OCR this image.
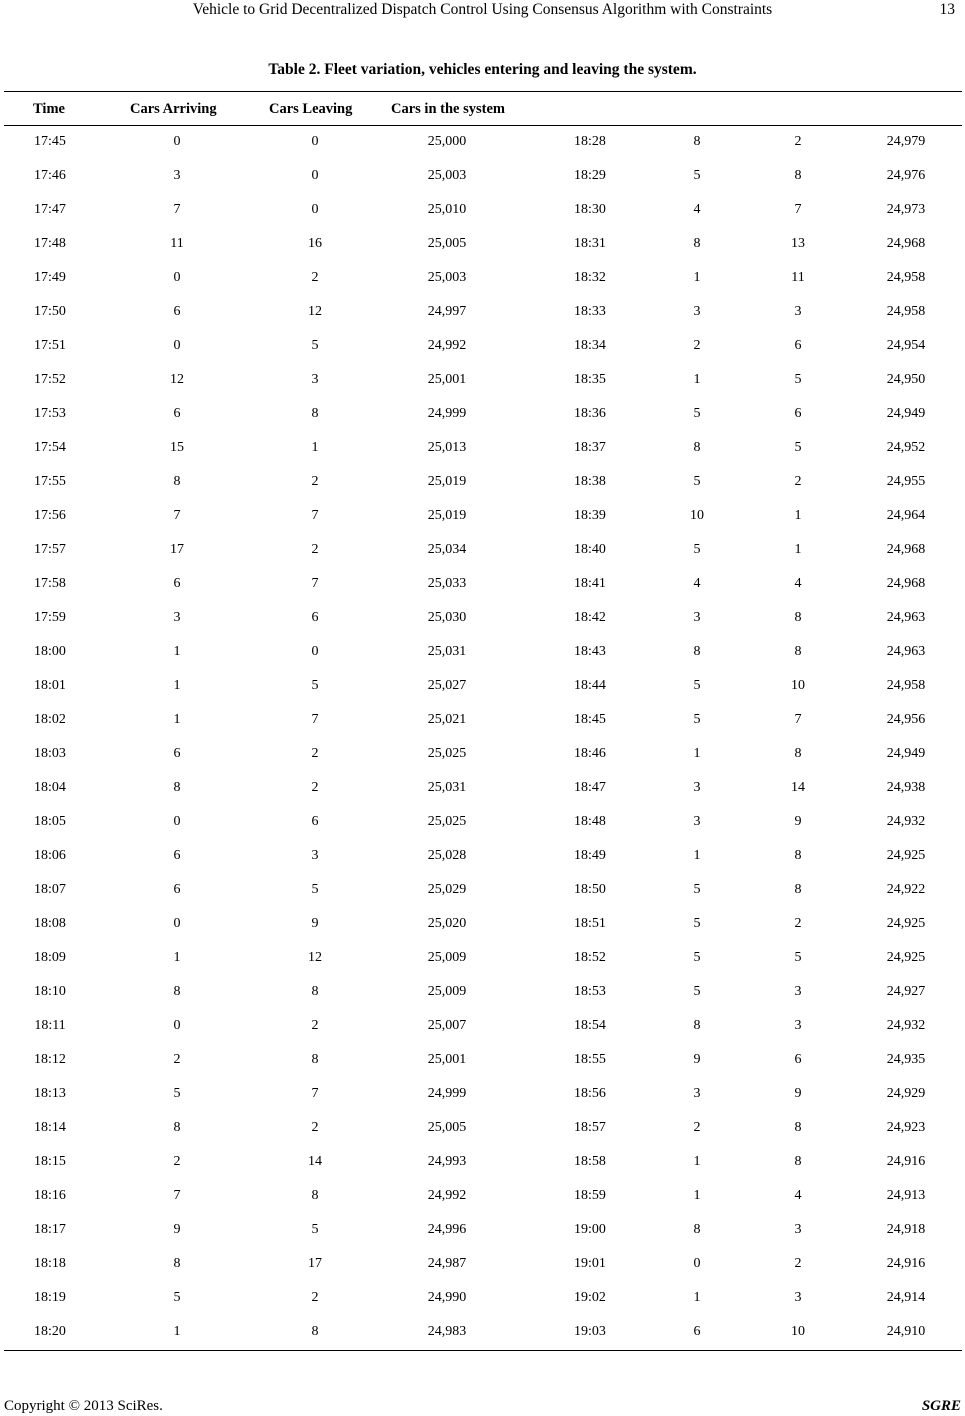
Vehicle to Grid Decentralized Dispatch Control Using Consensus Algorithm with Constraints	13
Table 2. Fleet variation, vehicles entering and leaving the system.
Time	Cars Arriving	Cars Leaving	Cars in the system
17:45	0	0	25,000	18:28	8	2	24,979
17:46	3	0	25,003	18:29	5	8	24,976
17:47	7	0	25,010	18:30	4	7	24,973
17:48	11	16	25,005	18:31	8	13	24,968
17:49	0	2	25,003	18:32	1	11	24,958
17:50	6	12	24,997	18:33	3	3	24,958
17:51	0	5	24,992	18:34	2	6	24,954
17:52	12	3	25,001	18:35	1	5	24,950
17:53	6	8	24,999	18:36	5	6	24,949
17:54	15	1	25,013	18:37	8	5	24,952
17:55	8	2	25,019	18:38	5	2	24,955
17:56	7	7	25,019	18:39	10	1	24,964
17:57	17	2	25,034	18:40	5	1	24,968
17:58	6	7	25,033	18:41	4	4	24,968
17:59	3	6	25,030	18:42	3	8	24,963
18:00	1	0	25,031	18:43	8	8	24,963
18:01	1	5	25,027	18:44	5	10	24,958
18:02	1	7	25,021	18:45	5	7	24,956
18:03	6	2	25,025	18:46	1	8	24,949
18:04	8	2	25,031	18:47	3	14	24,938
18:05	0	6	25,025	18:48	3	9	24,932
18:06	6	3	25,028	18:49	1	8	24,925
18:07	6	5	25,029	18:50	5	8	24,922
18:08	0	9	25,020	18:51	5	2	24,925
18:09	1	12	25,009	18:52	5	5	24,925
18:10	8	8	25,009	18:53	5	3	24,927
18:11	0	2	25,007	18:54	8	3	24,932
18:12	2	8	25,001	18:55	9	6	24,935
18:13	5	7	24,999	18:56	3	9	24,929
18:14	8	2	25,005	18:57	2	8	24,923
18:15	2	14	24,993	18:58	1	8	24,916
18:16	7	8	24,992	18:59	1	4	24,913
18:17	9	5	24,996	19:00	8	3	24,918
18:18	8	17	24,987	19:01	0	2	24,916
18:19	5	2	24,990	19:02	1	3	24,914
18:20	1	8	24,983	19:03	6	10	24,910
Copyright © 2013 SciRes.	SGRE
